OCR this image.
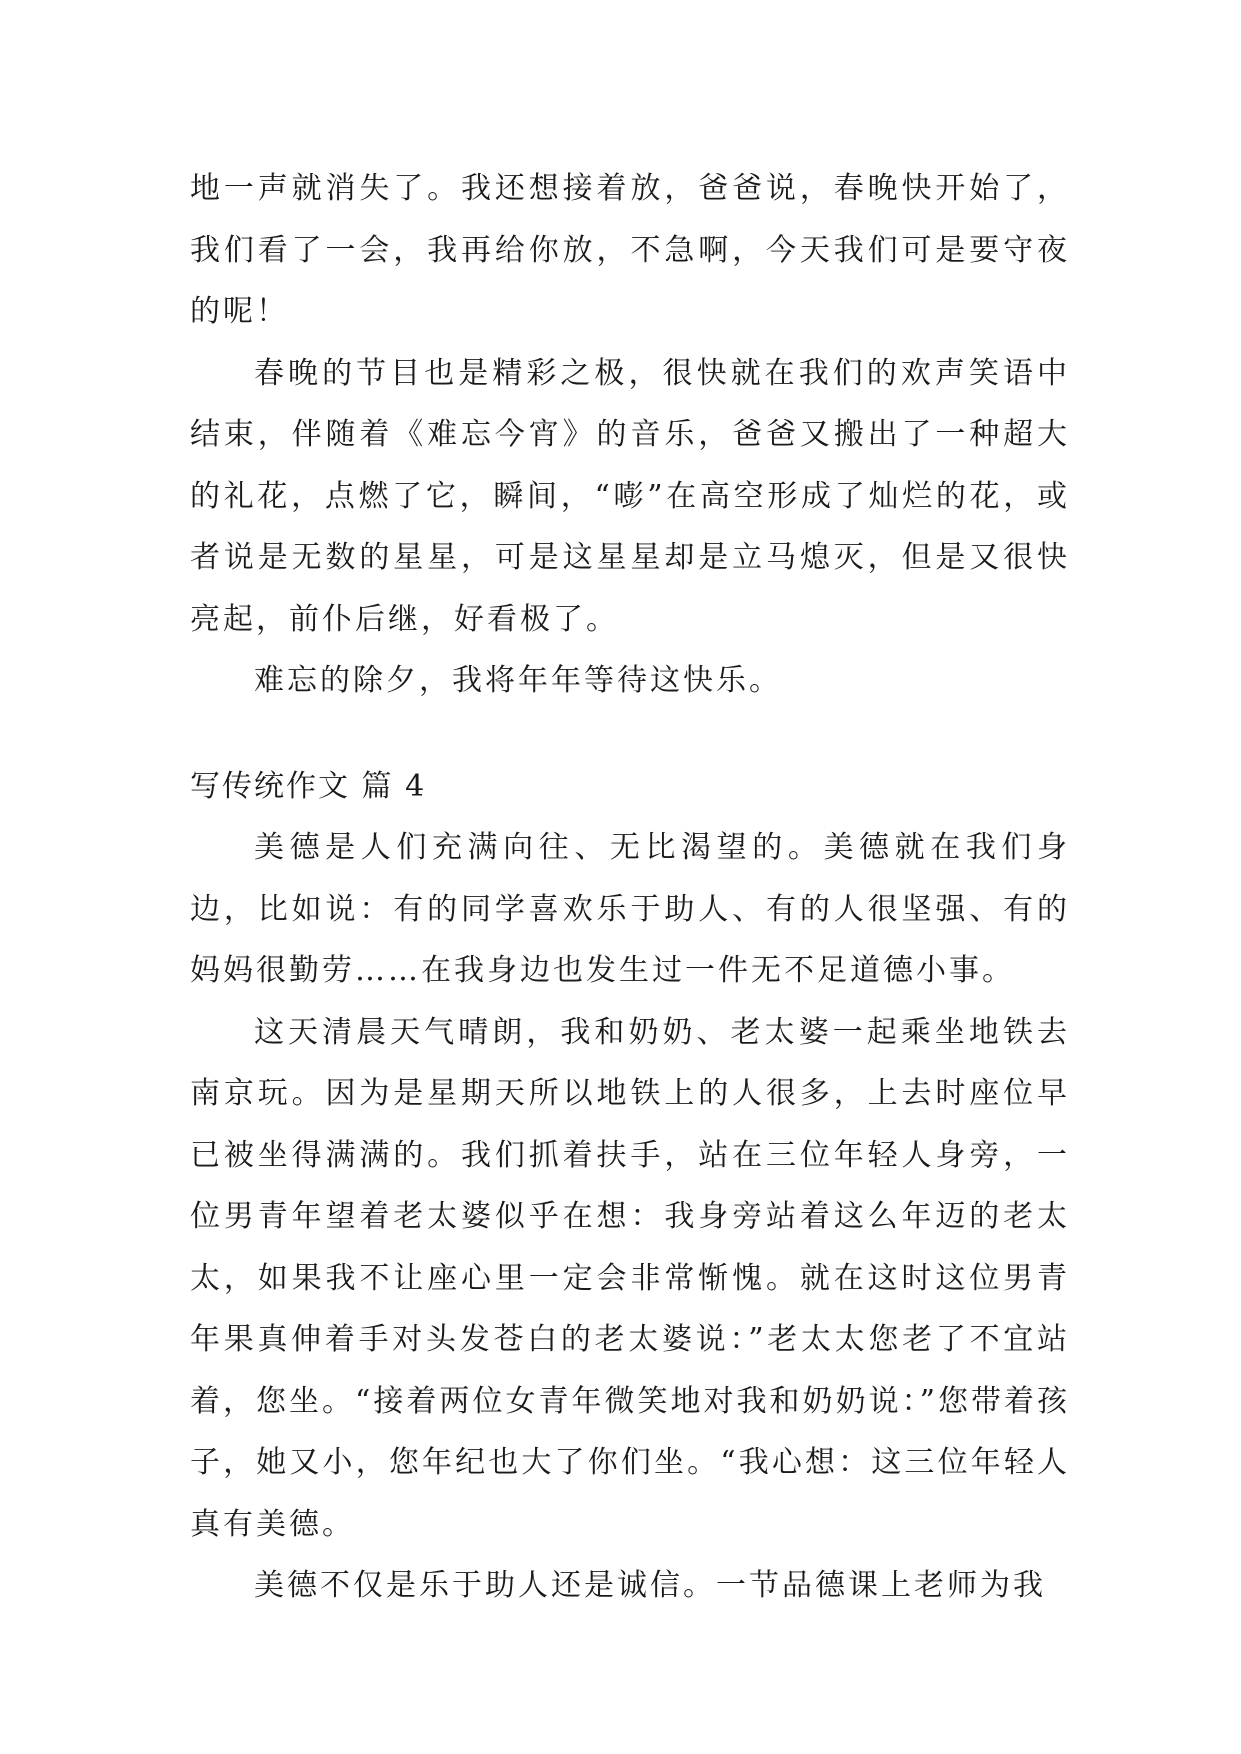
地一声就消失了。我还想接着放，爸爸说，春晚快开始了，我们看了一会，我再给你放，不急啊，今天我们可是要守夜的呢！

春晚的节目也是精彩之极，很快就在我们的欢声笑语中结束，伴随着《难忘今宵》的音乐，爸爸又搬出了一种超大的礼花，点燃了它，瞬间，“嘭”在高空形成了灿烂的花，或者说是无数的星星，可是这星星却是立马熄灭，但是又很快亮起，前仆后继，好看极了。

难忘的除夕，我将年年等待这快乐。

写传统作文 篇 4

美德是人们充满向往、无比渴望的。美德就在我们身边，比如说：有的同学喜欢乐于助人、有的人很坚强、有的妈妈很勤劳……在我身边也发生过一件无不足道德小事。

这天清晨天气晴朗，我和奶奶、老太婆一起乘坐地铁去南京玩。因为是星期天所以地铁上的人很多，上去时座位早已被坐得满满的。我们抓着扶手，站在三位年轻人身旁，一位男青年望着老太婆似乎在想：我身旁站着这么年迈的老太太，如果我不让座心里一定会非常惭愧。就在这时这位男青年果真伸着手对头发苍白的老太婆说：”老太太您老了不宜站着，您坐。“接着两位女青年微笑地对我和奶奶说：”您带着孩子，她又小，您年纪也大了你们坐。“我心想：这三位年轻人真有美德。

美德不仅是乐于助人还是诚信。一节品德课上老师为我
